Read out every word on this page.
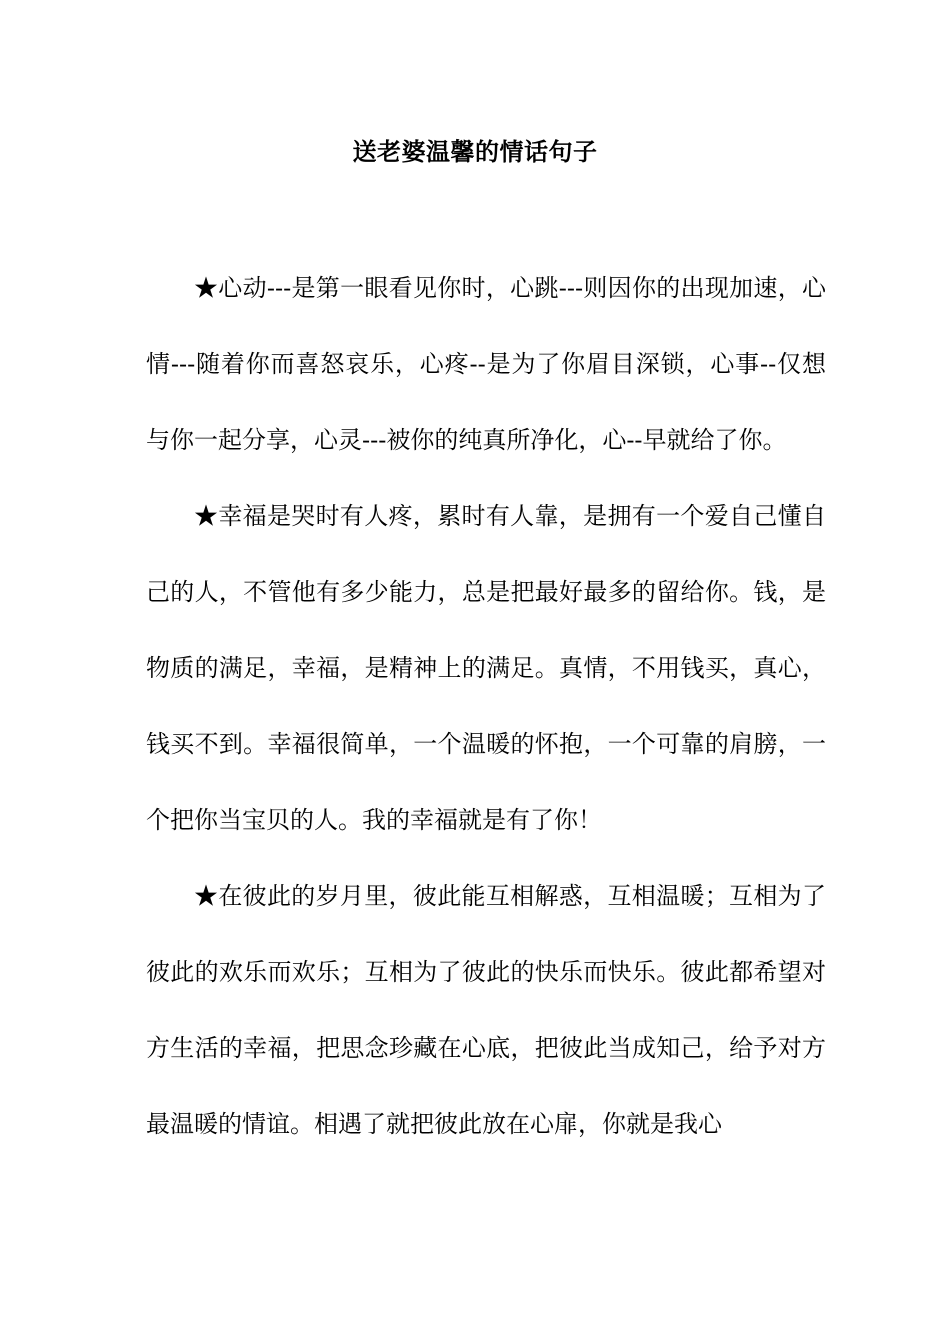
送老婆温馨的情话句子

★心动---是第一眼看见你时，心跳---则因你的出现加速，心情---随着你而喜怒哀乐，心疼--是为了你眉目深锁，心事--仅想与你一起分享，心灵---被你的纯真所净化，心--早就给了你。

★幸福是哭时有人疼，累时有人靠，是拥有一个爱自己懂自己的人，不管他有多少能力，总是把最好最多的留给你。钱，是物质的满足，幸福，是精神上的满足。真情，不用钱买，真心，钱买不到。幸福很简单，一个温暖的怀抱，一个可靠的肩膀，一个把你当宝贝的人。我的幸福就是有了你！

★在彼此的岁月里，彼此能互相解惑，互相温暖；互相为了彼此的欢乐而欢乐；互相为了彼此的快乐而快乐。彼此都希望对方生活的幸福，把思念珍藏在心底，把彼此当成知己，给予对方最温暖的情谊。相遇了就把彼此放在心扉，你就是我心
